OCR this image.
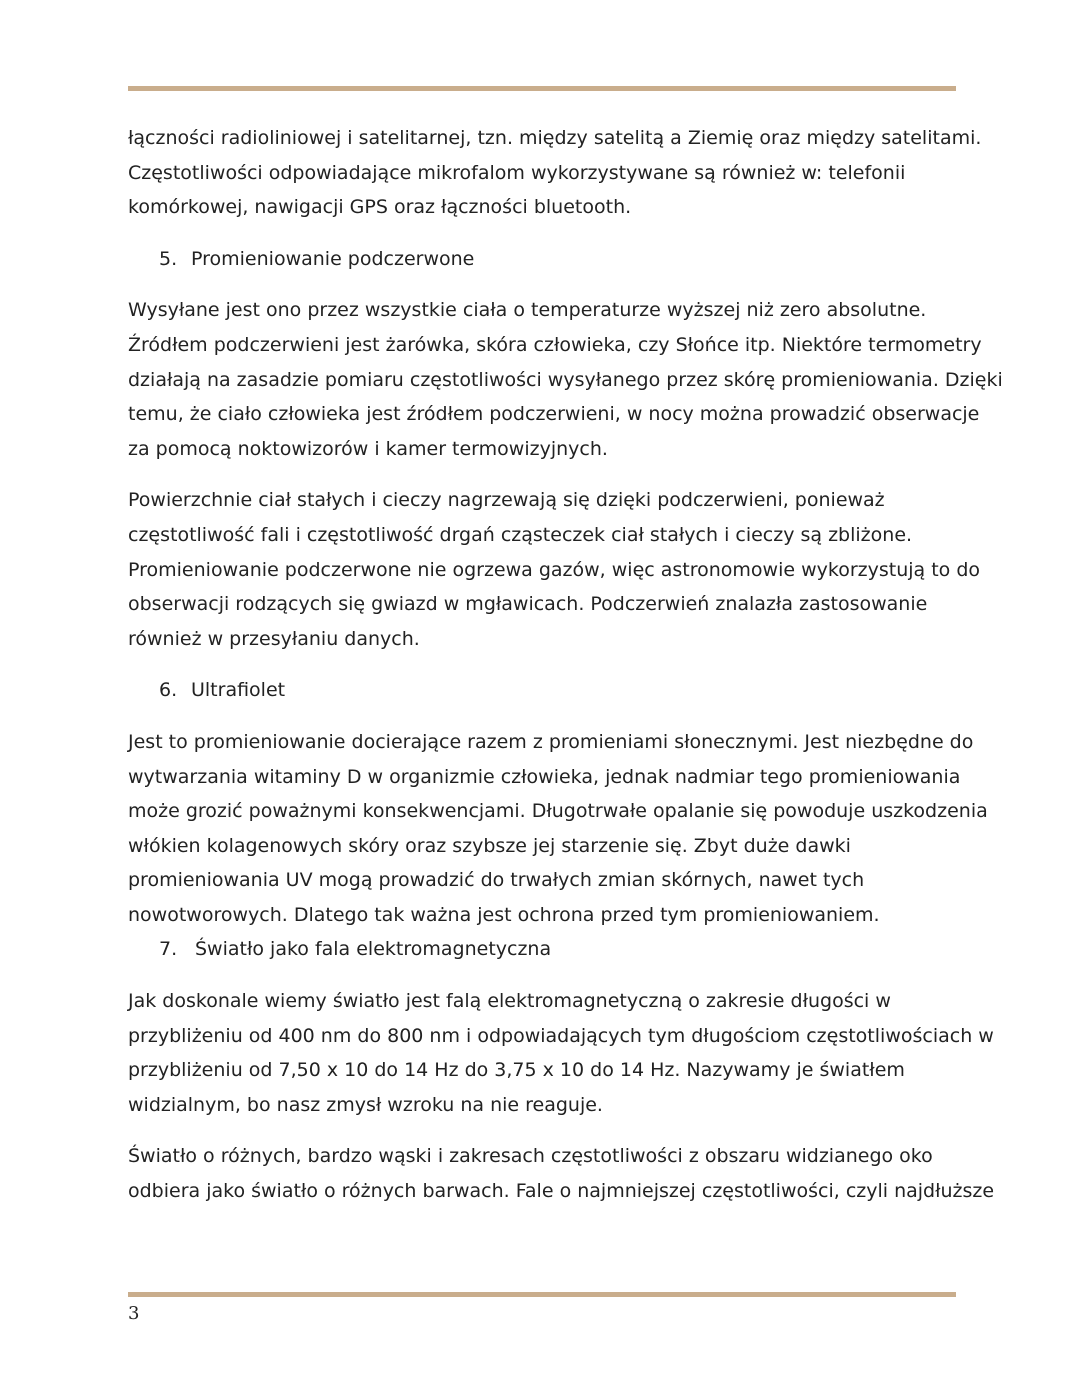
łączności radioliniowej i satelitarnej, tzn. między satelitą a Ziemię oraz między satelitami.
Częstotliwości odpowiadające mikrofalom wykorzystywane są również w: telefonii
komórkowej, nawigacji GPS oraz łączności bluetooth.

5. Promieniowanie podczerwone

Wysyłane jest ono przez wszystkie ciała o temperaturze wyższej niż zero absolutne.
Źródłem podczerwieni jest żarówka, skóra człowieka, czy Słońce itp. Niektóre termometry
działają na zasadzie pomiaru częstotliwości wysyłanego przez skórę promieniowania. Dzięki
temu, że ciało człowieka jest źródłem podczerwieni, w nocy można prowadzić obserwacje
za pomocą noktowizorów i kamer termowizyjnych.

Powierzchnie ciał stałych i cieczy nagrzewają się dzięki podczerwieni, ponieważ
częstotliwość fali i częstotliwość drgań cząsteczek ciał stałych i cieczy są zbliżone.
Promieniowanie podczerwone nie ogrzewa gazów, więc astronomowie wykorzystują to do
obserwacji rodzących się gwiazd w mgławicach. Podczerwień znalazła zastosowanie
również w przesyłaniu danych.

6. Ultrafiolet

Jest to promieniowanie docierające razem z promieniami słonecznymi. Jest niezbędne do
wytwarzania witaminy D w organizmie człowieka, jednak nadmiar tego promieniowania
może grozić poważnymi konsekwencjami. Długotrwałe opalanie się powoduje uszkodzenia
włókien kolagenowych skóry oraz szybsze jej starzenie się. Zbyt duże dawki
promieniowania UV mogą prowadzić do trwałych zmian skórnych, nawet tych
nowotworowych. Dlatego tak ważna jest ochrona przed tym promieniowaniem.

7. Światło jako fala elektromagnetyczna

Jak doskonale wiemy światło jest falą elektromagnetyczną o zakresie długości w
przybliżeniu od 400 nm do 800 nm i odpowiadających tym długościom częstotliwościach w
przybliżeniu od 7,50 x 10 do 14 Hz do 3,75 x 10 do 14 Hz. Nazywamy je światłem
widzialnym, bo nasz zmysł wzroku na nie reaguje.

Światło o różnych, bardzo wąski i zakresach częstotliwości z obszaru widzianego oko
odbiera jako światło o różnych barwach. Fale o najmniejszej częstotliwości, czyli najdłuższe

3
